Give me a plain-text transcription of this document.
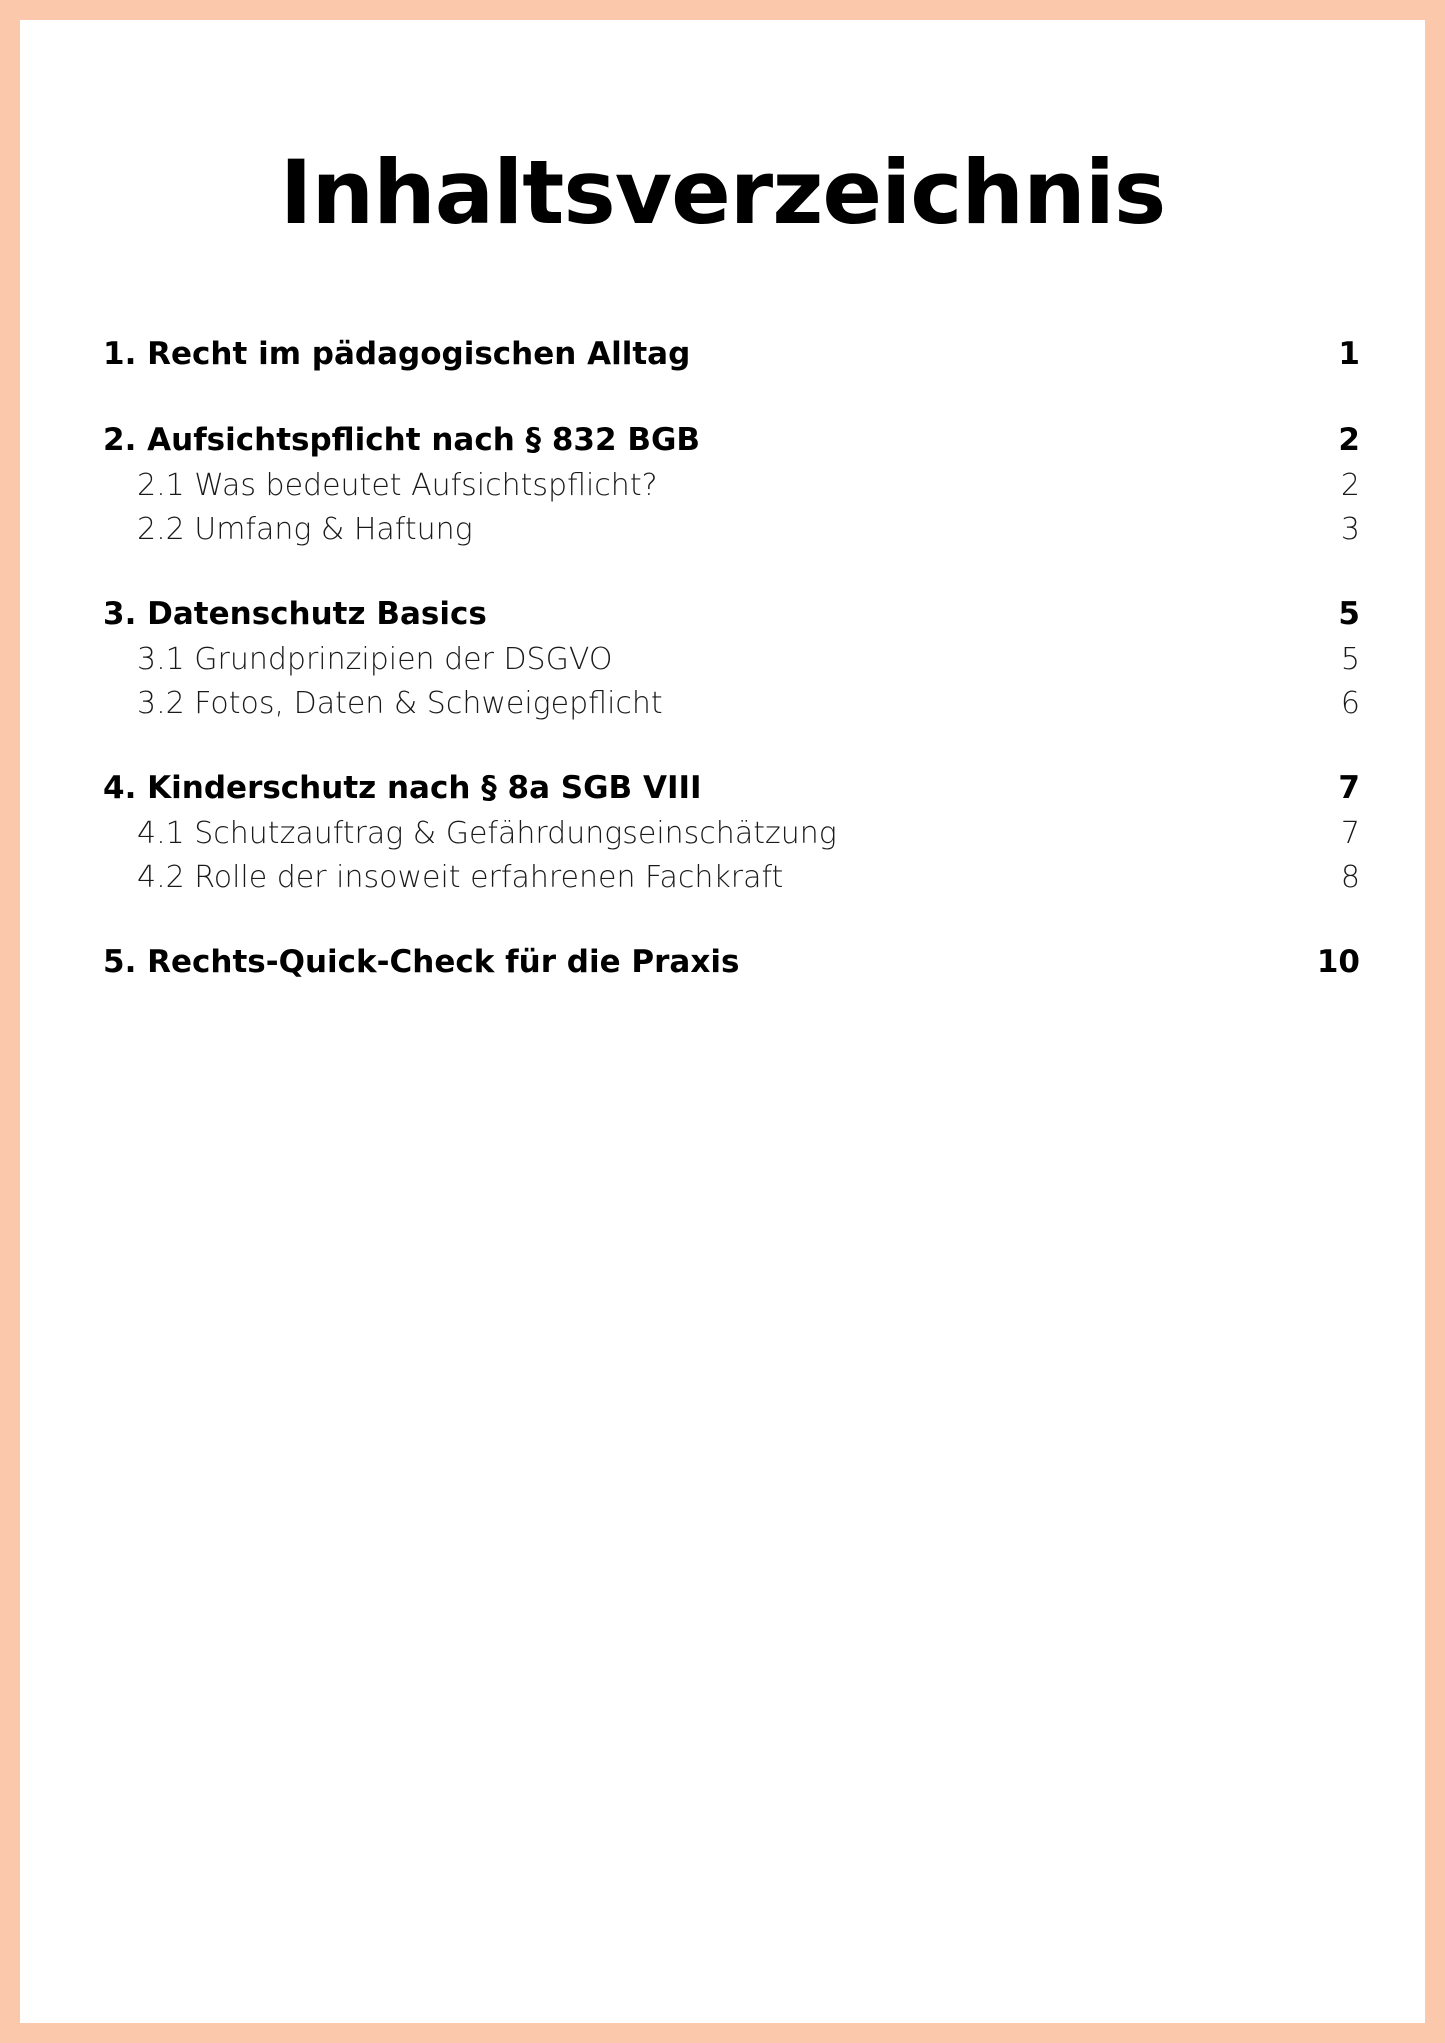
Inhaltsverzeichnis
1. Recht im pädagogischen Alltag	1
2. Aufsichtspflicht nach § 832 BGB	2
2.1 Was bedeutet Aufsichtspflicht?	2
2.2 Umfang & Haftung	3
3. Datenschutz Basics	5
3.1 Grundprinzipien der DSGVO	5
3.2 Fotos, Daten & Schweigepflicht	6
4. Kinderschutz nach § 8a SGB VIII	7
4.1 Schutzauftrag & Gefährdungseinschätzung	7
4.2 Rolle der insoweit erfahrenen Fachkraft	8
5. Rechts-Quick-Check für die Praxis	10
